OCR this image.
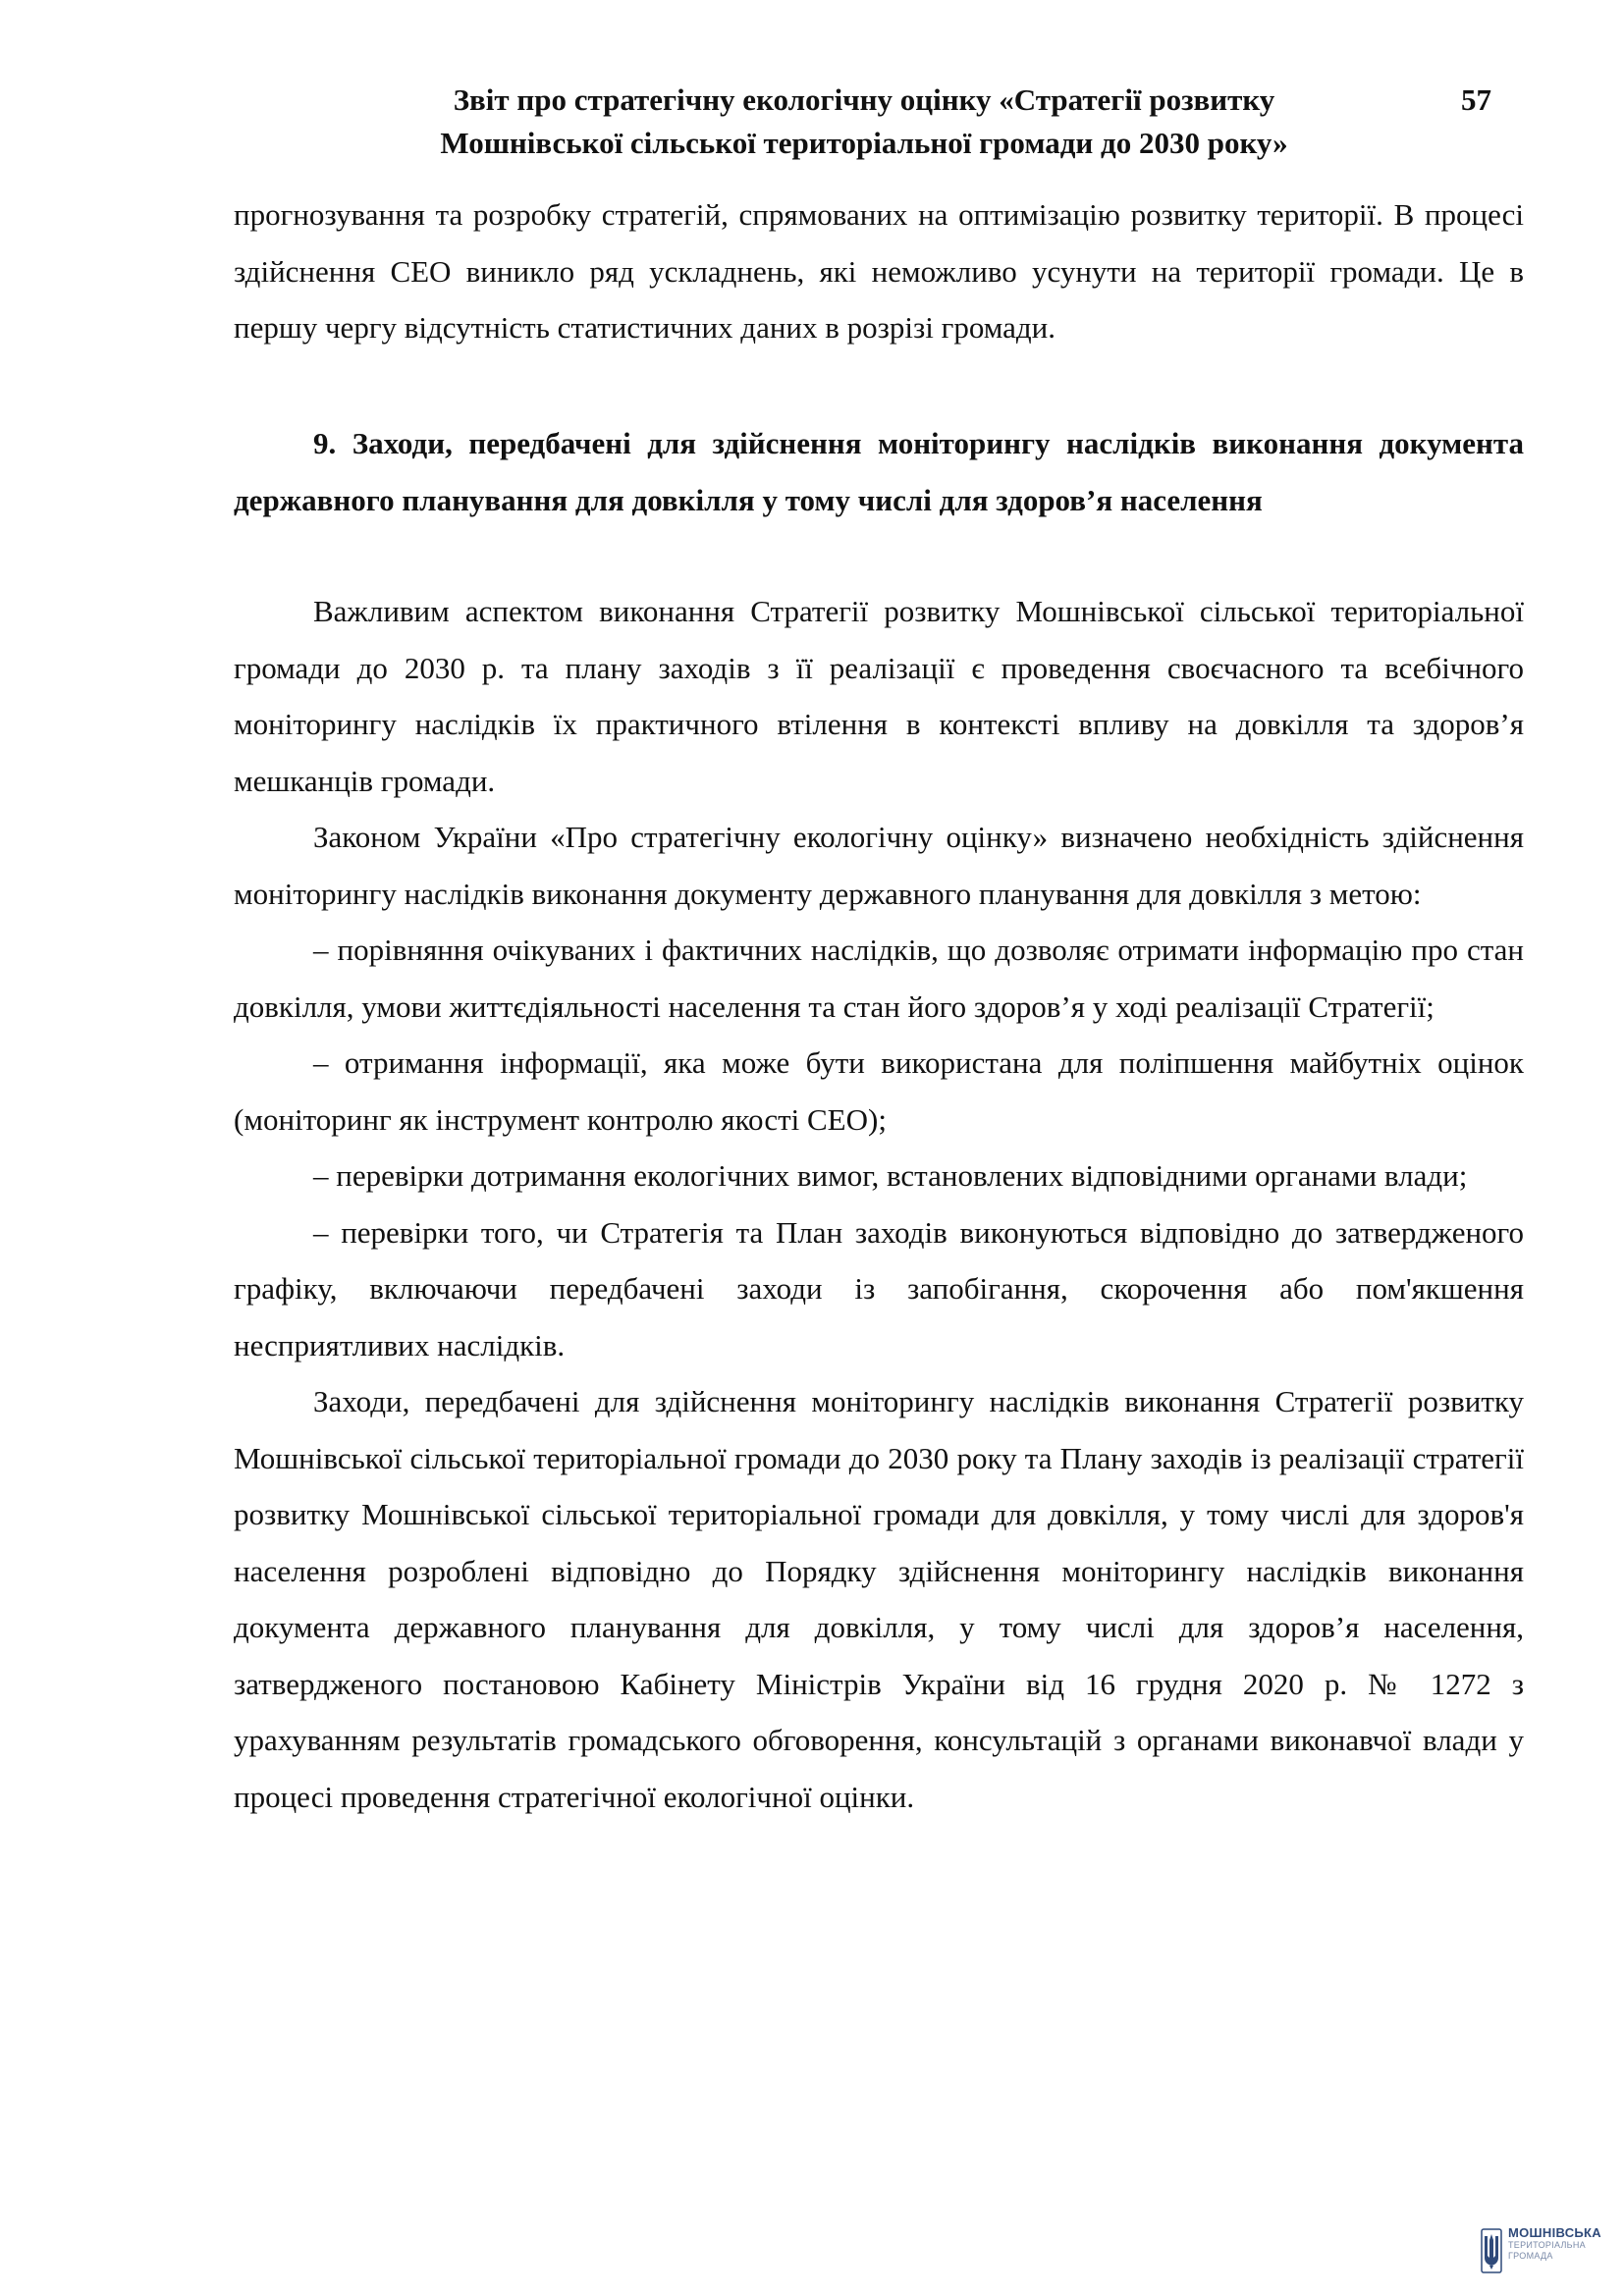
Звіт про стратегічну екологічну оцінку «Стратегії розвитку
Мошнівської сільської територіальної громади до 2030 року»
57

прогнозування та розробку стратегій, спрямованих на оптимізацію розвитку території. В процесі здійснення СЕО виникло ряд ускладнень, які неможливо усунути на території громади. Це в першу чергу відсутність статистичних даних в розрізі громади.

9. Заходи, передбачені для здійснення моніторингу наслідків виконання документа державного планування для довкілля у тому числі для здоров’я населення

Важливим аспектом виконання Стратегії розвитку Мошнівської сільської територіальної громади до 2030 р. та плану заходів з її реалізації є проведення своєчасного та всебічного моніторингу наслідків їх практичного втілення в контексті впливу на довкілля та здоров’я мешканців громади.

Законом України «Про стратегічну екологічну оцінку» визначено необхідність здійснення моніторингу наслідків виконання документу державного планування для довкілля з метою:

– порівняння очікуваних і фактичних наслідків, що дозволяє отримати інформацію про стан довкілля, умови життєдіяльності населення та стан його здоров’я у ході реалізації Стратегії;

– отримання інформації, яка може бути використана для поліпшення майбутніх оцінок (моніторинг як інструмент контролю якості СЕО);

– перевірки дотримання екологічних вимог, встановлених відповідними органами влади;

– перевірки того, чи Стратегія та План заходів виконуються відповідно до затвердженого графіку, включаючи передбачені заходи із запобігання, скорочення або пом'якшення несприятливих наслідків.

Заходи, передбачені для здійснення моніторингу наслідків виконання Стратегії розвитку Мошнівської сільської територіальної громади до 2030 року та Плану заходів із реалізації стратегії розвитку Мошнівської сільської територіальної громади для довкілля, у тому числі для здоров'я населення розроблені відповідно до Порядку здійснення моніторингу наслідків виконання документа державного планування для довкілля, у тому числі для здоров’я населення, затвердженого постановою Кабінету Міністрів України від 16 грудня 2020 р. № 1272 з урахуванням результатів громадського обговорення, консультацій з органами виконавчої влади у процесі проведення стратегічної екологічної оцінки.

МОШНІВСЬКА
ТЕРИТОРІАЛЬНА
ГРОМАДА
